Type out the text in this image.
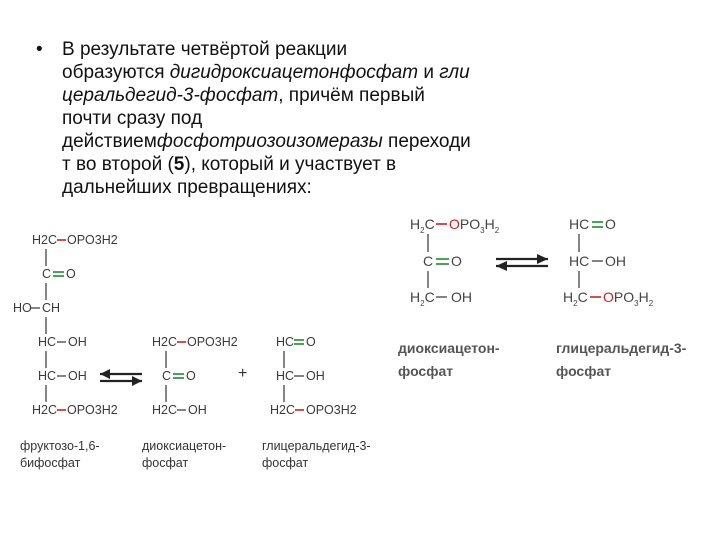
• В результате четвёртой реакции
образуются дигидроксиацетонфосфат и гли
церальдегид-3-фосфат, причём первый
почти сразу под
действиемфосфотриозоизомеразы переходи
т во второй (5), который и участвует в
дальнейших превращениях:
H2C OPO3H2
C O
HO CH
HC OH
HC OH
H2C OPO3H2
H2C OPO3H2
C O
H2C OH
+
HC O
HC OH
H2C OPO3H2
фруктозо-1,6-
бифосфат
диоксиацетон-
фосфат
глицеральдегид-3-
фосфат
$H_2C$ $OPO_3H_2$
C O
$H_2C$ OH
HC O
HC OH
$H_2C$ $OPO_3H_2$
диоксиацетон-
фосфат
глицеральдегид-3-
фосфат
